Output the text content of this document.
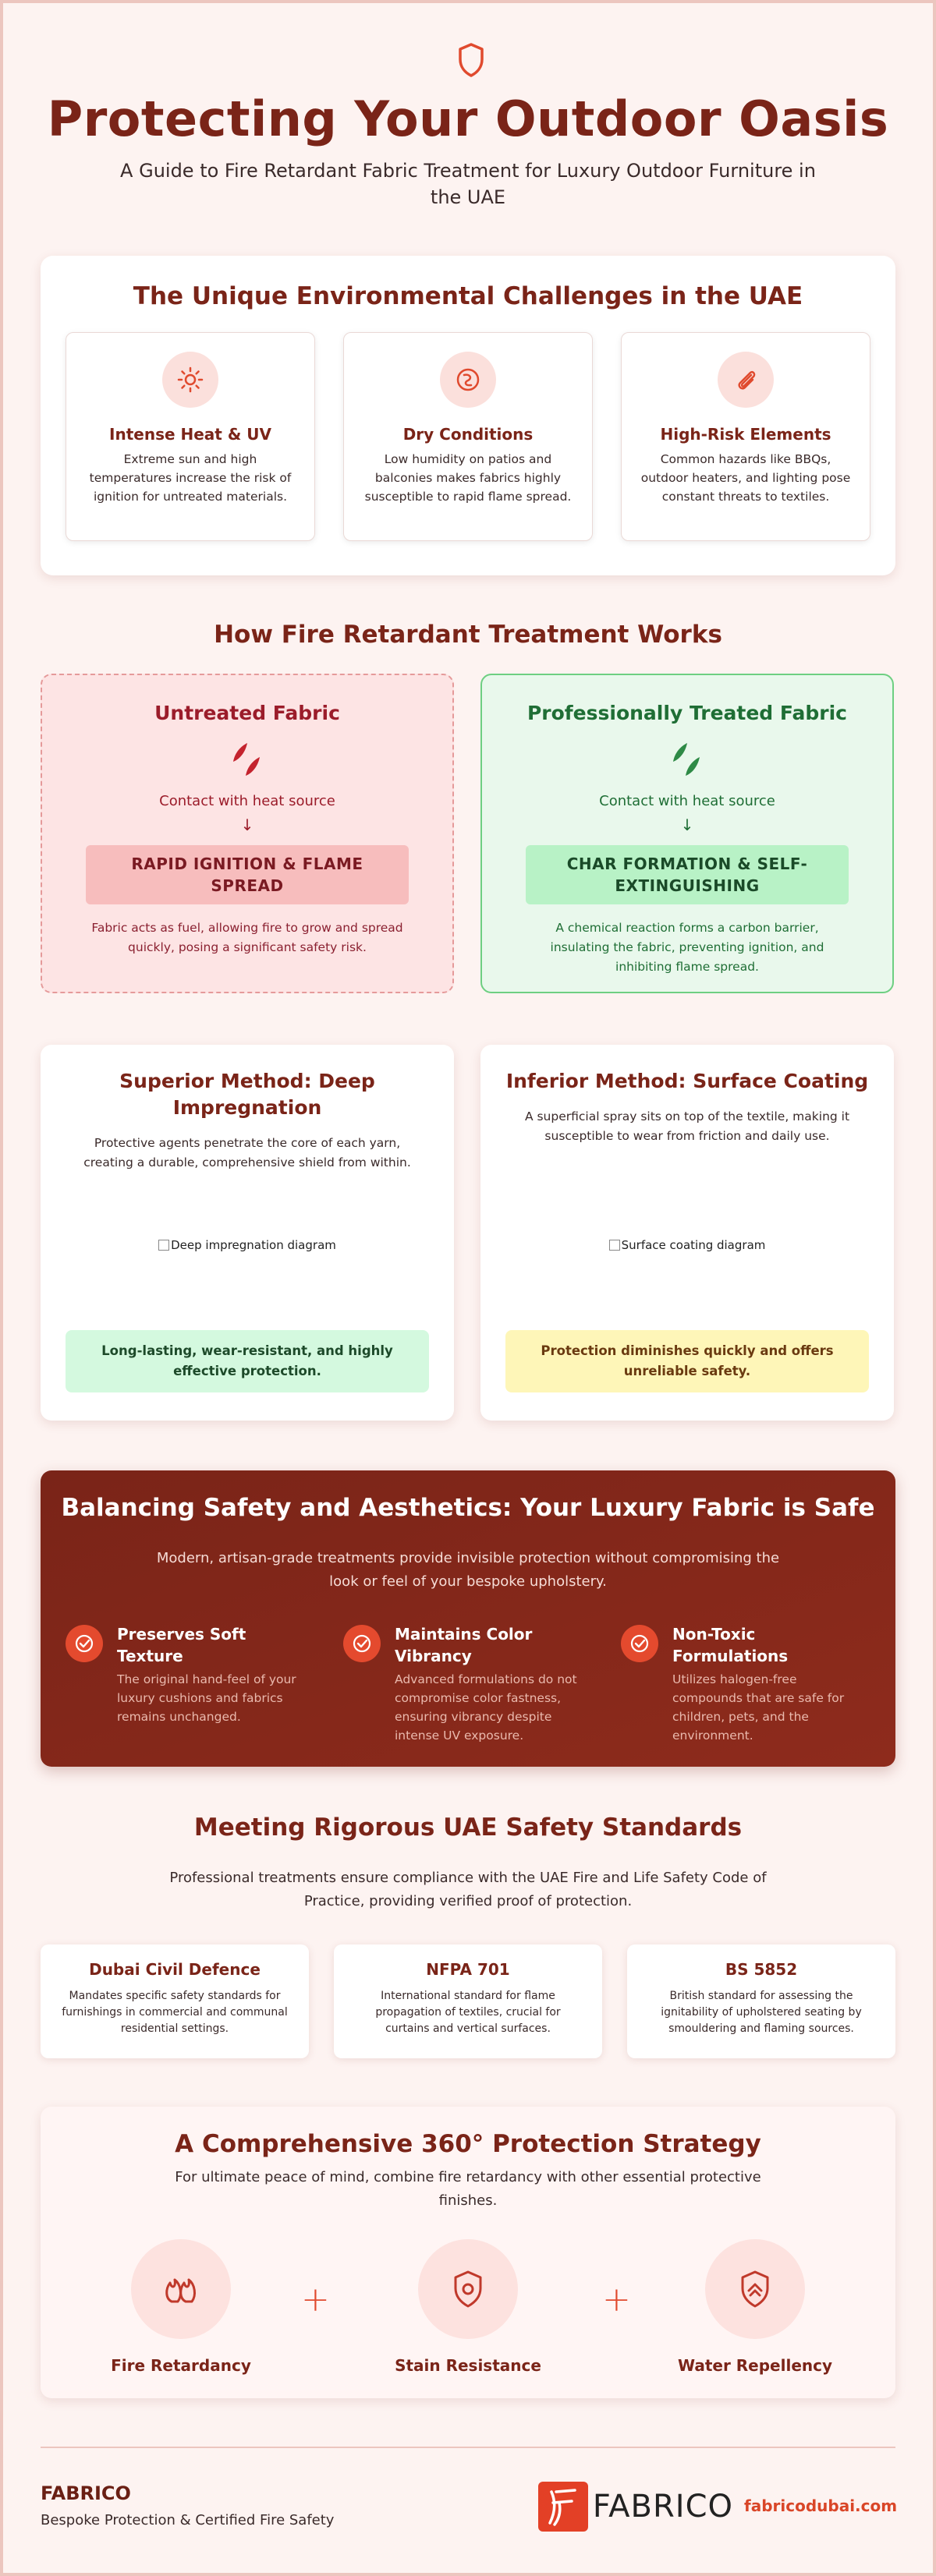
Protecting Your Outdoor Oasis
A Guide to Fire Retardant Fabric Treatment for Luxury Outdoor Furniture in the UAE
The Unique Environmental Challenges in the UAE
Intense Heat & UV
Extreme sun and high temperatures increase the risk of ignition for untreated materials.
Dry Conditions
Low humidity on patios and balconies makes fabrics highly susceptible to rapid flame spread.
High-Risk Elements
Common hazards like BBQs, outdoor heaters, and lighting pose constant threats to textiles.
How Fire Retardant Treatment Works
Untreated Fabric
Contact with heat source
↓
RAPID IGNITION & FLAME SPREAD
Fabric acts as fuel, allowing fire to grow and spread quickly, posing a significant safety risk.
Professionally Treated Fabric
Contact with heat source
↓
CHAR FORMATION & SELF-EXTINGUISHING
A chemical reaction forms a carbon barrier, insulating the fabric, preventing ignition, and inhibiting flame spread.
Superior Method: Deep Impregnation
Protective agents penetrate the core of each yarn, creating a durable, comprehensive shield from within.
Deep impregnation diagram
Long-lasting, wear-resistant, and highly effective protection.
Inferior Method: Surface Coating
A superficial spray sits on top of the textile, making it susceptible to wear from friction and daily use.
Surface coating diagram
Protection diminishes quickly and offers unreliable safety.
Balancing Safety and Aesthetics: Your Luxury Fabric is Safe
Modern, artisan-grade treatments provide invisible protection without compromising the look or feel of your bespoke upholstery.
Preserves Soft Texture
The original hand-feel of your luxury cushions and fabrics remains unchanged.
Maintains Color Vibrancy
Advanced formulations do not compromise color fastness, ensuring vibrancy despite intense UV exposure.
Non-Toxic Formulations
Utilizes halogen-free compounds that are safe for children, pets, and the environment.
Meeting Rigorous UAE Safety Standards
Professional treatments ensure compliance with the UAE Fire and Life Safety Code of Practice, providing verified proof of protection.
Dubai Civil Defence

Mandates specific safety standards for furnishings in commercial and communal residential settings.

NFPA 701

International standard for flame propagation of textiles, crucial for curtains and vertical surfaces.

BS 5852

British standard for assessing the ignitability of upholstered seating by smouldering and flaming sources.

A Comprehensive 360° Protection Strategy
For ultimate peace of mind, combine fire retardancy with other essential protective finishes.
Fire Retardancy
+
Stain Resistance
+
Water Repellency
FABRICO
Bespoke Protection & Certified Fire Safety	FABRICO fabricodubai.com
